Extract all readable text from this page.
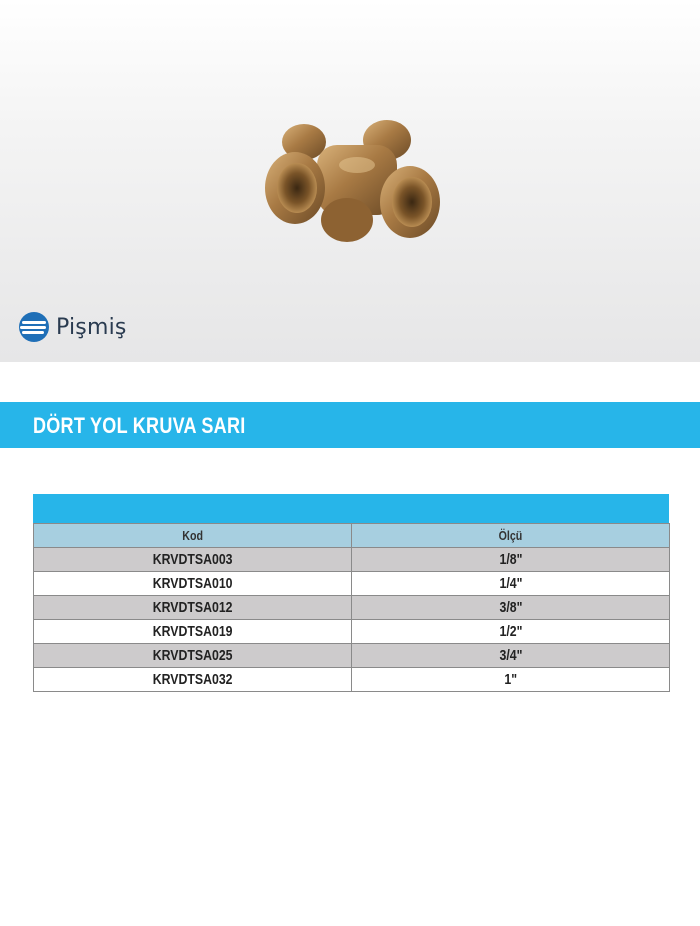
Pişmiş
DÖRT YOL KRUVA SARI
Kod	Ölçü
KRVDTSA003	1/8"
KRVDTSA010	1/4"
KRVDTSA012	3/8"
KRVDTSA019	1/2"
KRVDTSA025	3/4"
KRVDTSA032	1"
